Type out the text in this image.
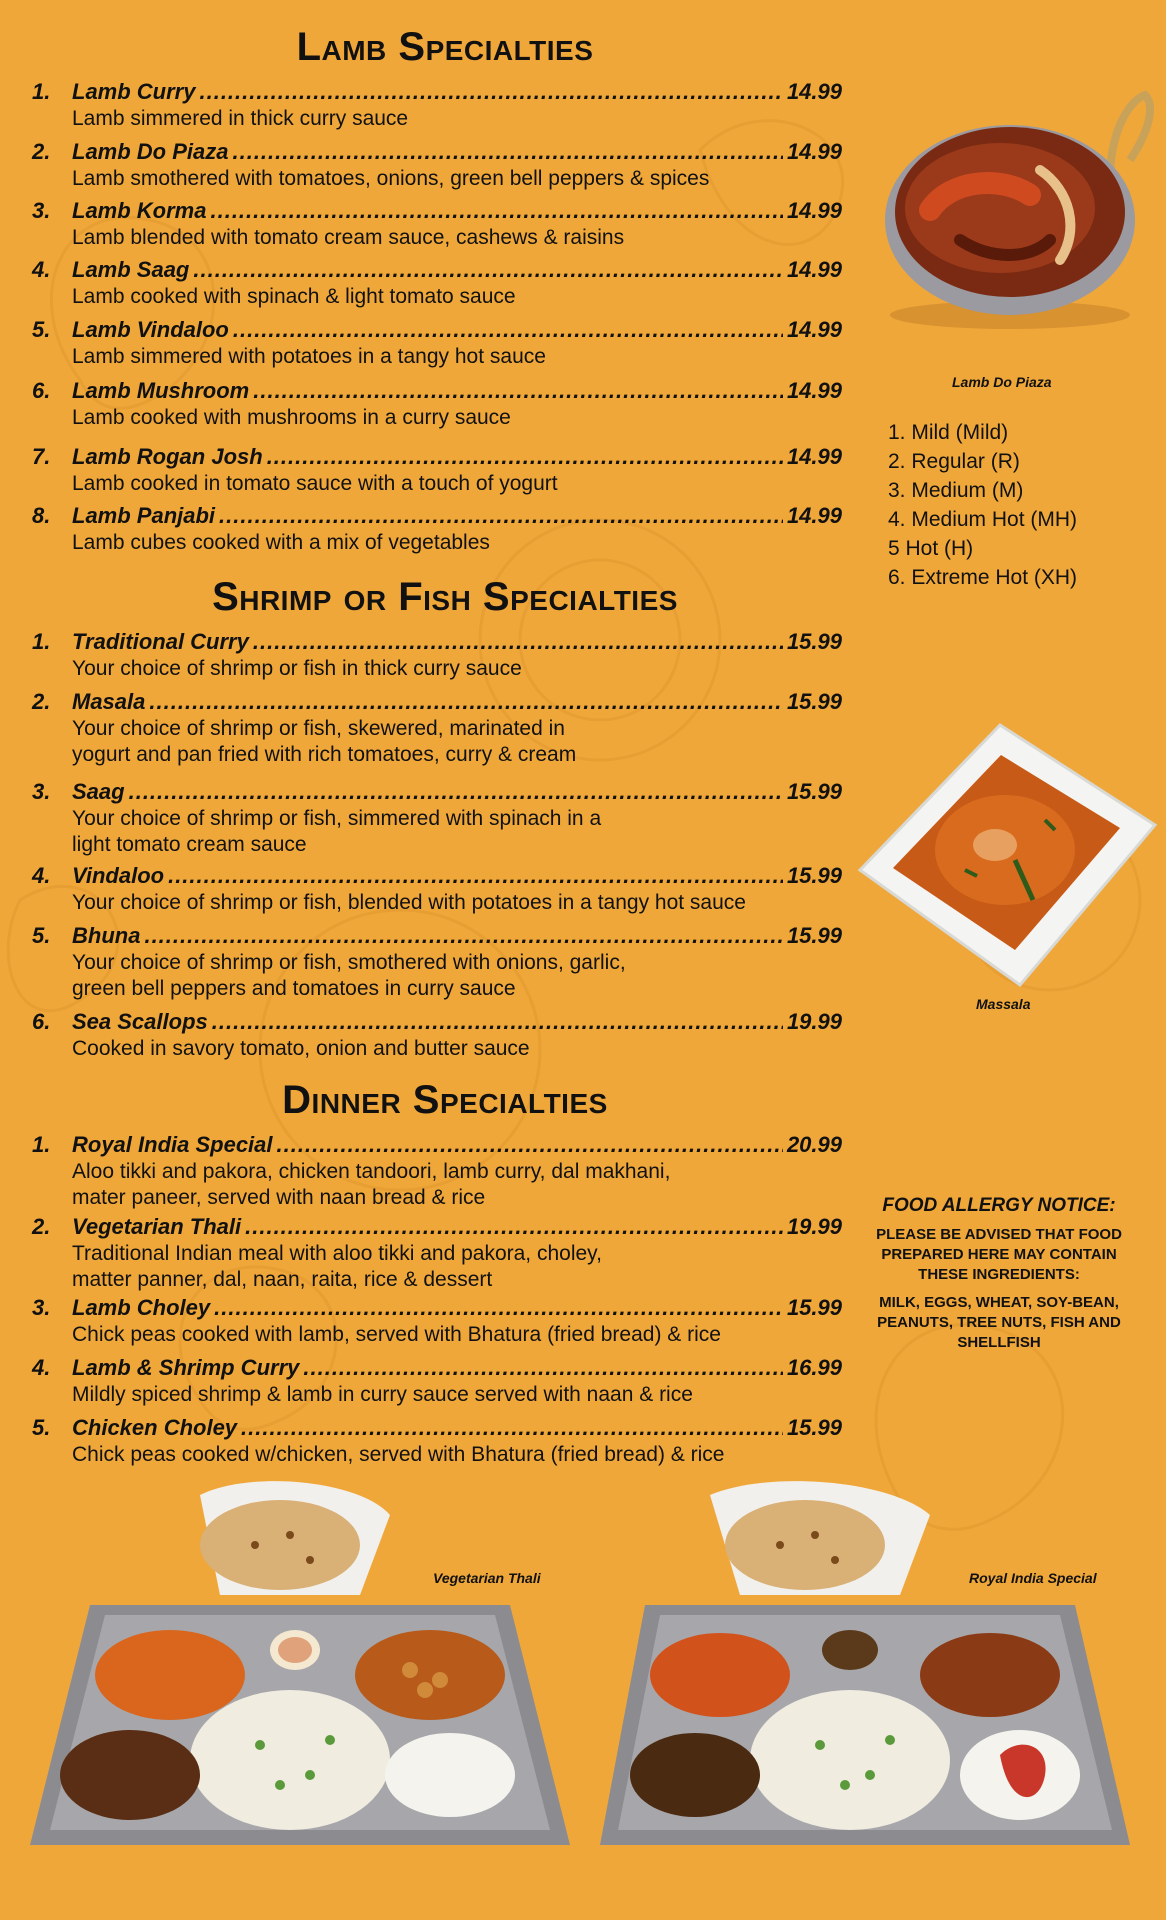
Lamb Specialties
1. Lamb Curry .....	14.99
Lamb simmered in thick curry sauce
2. Lamb Do Piaza .....	14.99
Lamb smothered with tomatoes, onions, green bell peppers & spices
3. Lamb Korma .....	14.99
Lamb blended with tomato cream sauce, cashews & raisins
4. Lamb Saag .....	14.99
Lamb cooked with spinach & light tomato sauce
5. Lamb Vindaloo .....	14.99
Lamb simmered with potatoes in a tangy hot sauce
6. Lamb Mushroom .....	14.99
Lamb cooked with mushrooms in a curry sauce
7. Lamb Rogan Josh .....	14.99
Lamb cooked in tomato sauce with a touch of yogurt
8. Lamb Panjabi .....	14.99
Lamb cubes cooked with a mix of vegetables
Shrimp or Fish Specialties
1. Traditional Curry .....	15.99
Your choice of shrimp or fish in thick curry sauce
2. Masala .....	15.99
Your choice of shrimp or fish, skewered, marinated in
yogurt and pan fried with rich tomatoes, curry & cream
3. Saag .....	15.99
Your choice of shrimp or fish, simmered with spinach in a
light tomato cream sauce
4. Vindaloo .....	15.99
Your choice of shrimp or fish, blended with potatoes in a tangy hot sauce
5. Bhuna .....	15.99
Your choice of shrimp or fish, smothered with onions, garlic,
green bell peppers and tomatoes in curry sauce
6. Sea Scallops .....	19.99
Cooked in savory tomato, onion and butter sauce
Dinner Specialties
1. Royal India Special .....	20.99
Aloo tikki and pakora, chicken tandoori, lamb curry, dal makhani,
mater paneer, served with naan bread & rice
2. Vegetarian Thali .....	19.99
Traditional Indian meal with aloo tikki and pakora, choley,
matter panner, dal, naan, raita, rice & dessert
3. Lamb Choley .....	15.99
Chick peas cooked with lamb, served with Bhatura (fried bread) & rice
4. Lamb & Shrimp Curry .....	16.99
Mildly spiced shrimp & lamb in curry sauce served with naan & rice
5. Chicken Choley .....	15.99
Chick peas cooked w/chicken, served with Bhatura (fried bread) & rice
Lamb Do Piaza
1. Mild (Mild)
2. Regular (R)
3. Medium (M)
4. Medium Hot (MH)
5 Hot (H)
6. Extreme Hot (XH)
Massala
FOOD ALLERGY NOTICE:
PLEASE BE ADVISED THAT FOOD PREPARED HERE MAY CONTAIN THESE INGREDIENTS:
MILK, EGGS, WHEAT, SOY-BEAN, PEANUTS, TREE NUTS, FISH AND SHELLFISH
Vegetarian Thali	Royal India Special
